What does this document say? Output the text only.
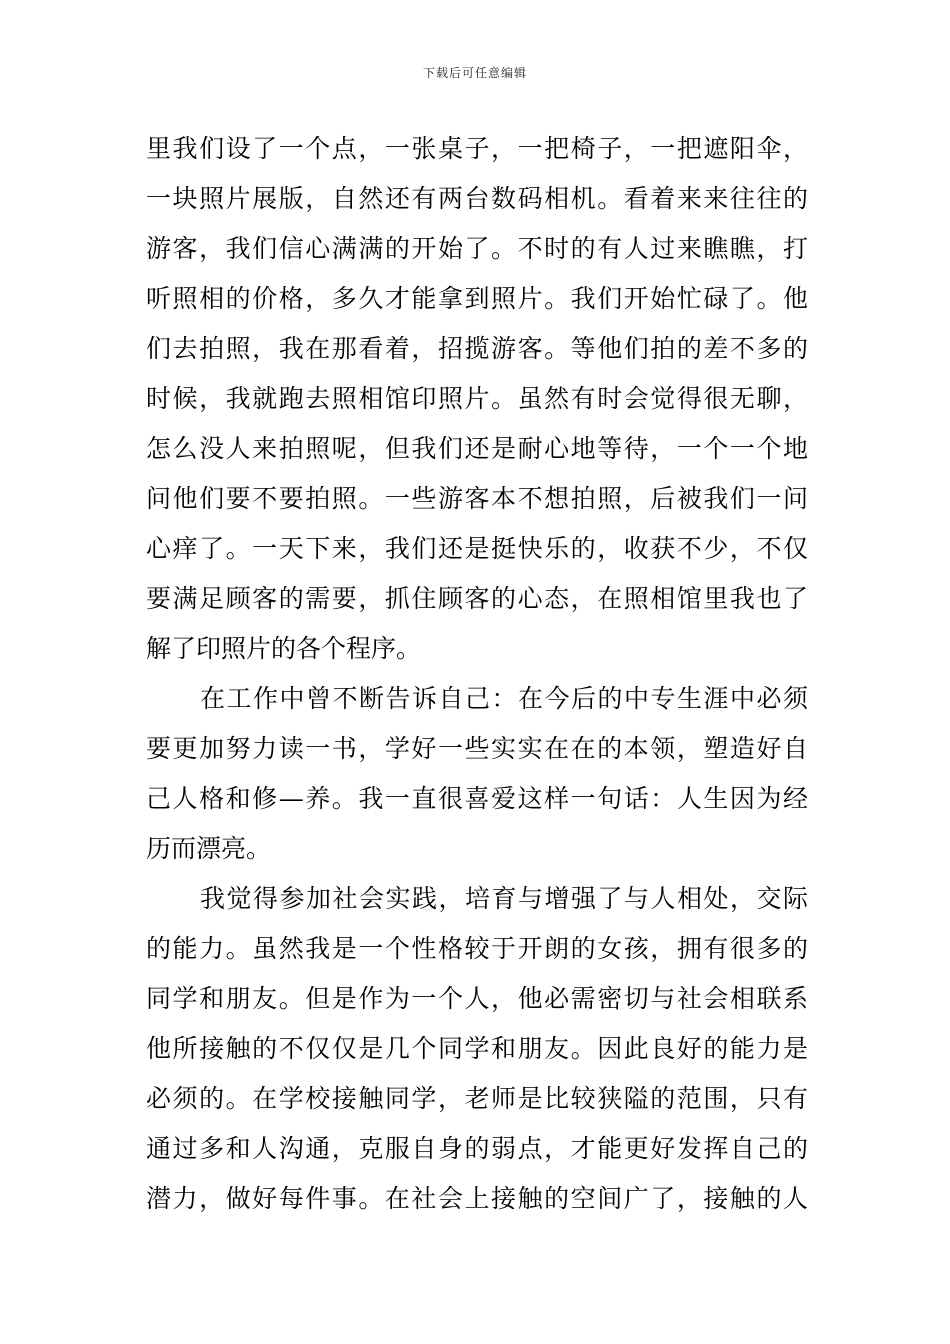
下载后可任意编辑
里我们设了一个点，一张桌子，一把椅子，一把遮阳伞，
一块照片展版，自然还有两台数码相机。看着来来往往的
游客，我们信心满满的开始了。不时的有人过来瞧瞧，打
听照相的价格，多久才能拿到照片。我们开始忙碌了。他
们去拍照，我在那看着，招揽游客。等他们拍的差不多的
时候，我就跑去照相馆印照片。虽然有时会觉得很无聊，
怎么没人来拍照呢，但我们还是耐心地等待，一个一个地
问他们要不要拍照。一些游客本不想拍照，后被我们一问
心痒了。一天下来，我们还是挺快乐的，收获不少，不仅
要满足顾客的需要，抓住顾客的心态，在照相馆里我也了
解了印照片的各个程序。
在工作中曾不断告诉自己：在今后的中专生涯中必须
要更加努力读一书，学好一些实实在在的本领，塑造好自
己人格和修—养。我一直很喜爱这样一句话：人生因为经
历而漂亮。
我觉得参加社会实践，培育与增强了与人相处，交际
的能力。虽然我是一个性格较于开朗的女孩，拥有很多的
同学和朋友。但是作为一个人，他必需密切与社会相联系
他所接触的不仅仅是几个同学和朋友。因此良好的能力是
必须的。在学校接触同学，老师是比较狭隘的范围，只有
通过多和人沟通，克服自身的弱点，才能更好发挥自己的
潜力，做好每件事。在社会上接触的空间广了，接触的人
